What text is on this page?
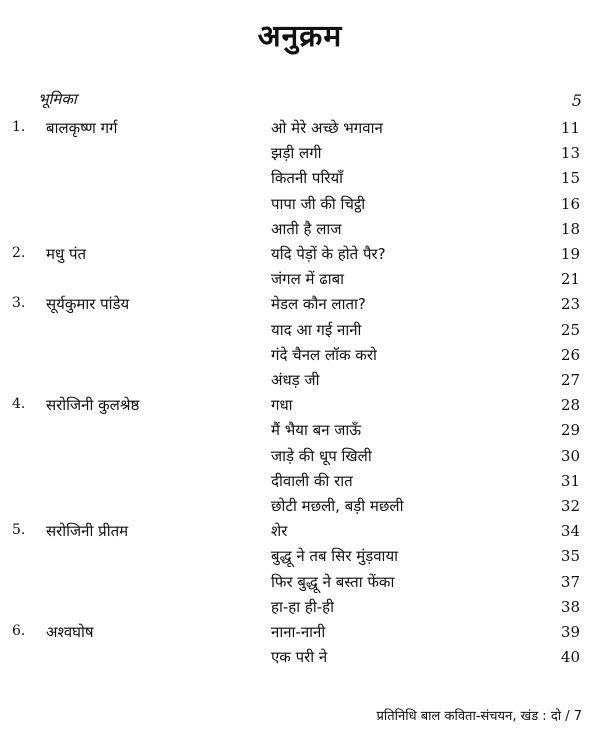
अनुक्रम
भूमिका	5
1. बालकृष्ण गर्ग	ओ मेरे अच्छे भगवान	11
झड़ी लगी	13
कितनी परियाँ	15
पापा जी की चिट्ठी	16
आती है लाज	18
2. मधु पंत	यदि पेड़ों के होते पैर?	19
जंगल में ढाबा	21
3. सूर्यकुमार पांडेय	मेडल कौन लाता?	23
याद आ गई नानी	25
गंदे चैनल लॉक करो	26
अंधड़ जी	27
4. सरोजिनी कुलश्रेष्ठ	गधा	28
मैं भैया बन जाऊँ	29
जाड़े की धूप खिली	30
दीवाली की रात	31
छोटी मछली, बड़ी मछली	32
5. सरोजिनी प्रीतम	शेर	34
बुद्धू ने तब सिर मुंड़वाया	35
फिर बुद्धू ने बस्ता फेंका	37
हा-हा ही-ही	38
6. अश्वघोष	नाना-नानी	39
एक परी ने	40
प्रतिनिधि बाल कविता-संचयन, खंड : दो / 7
